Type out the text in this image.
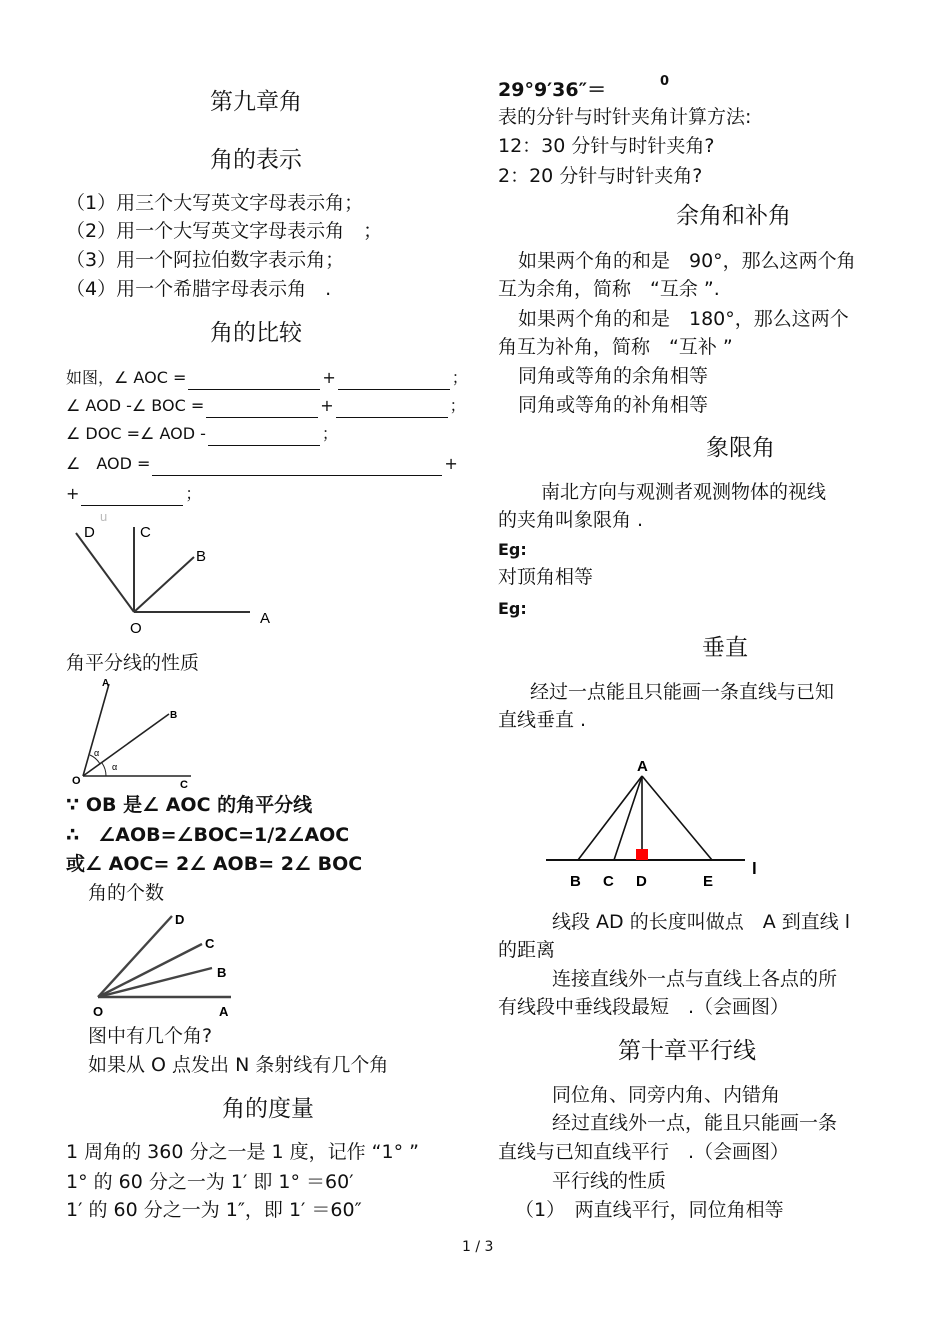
第九章角
角的表示
（1）用三个大写英文字母表示角；
（2）用一个大写英文字母表示角　；
（3）用一个阿拉伯数字表示角；
（4）用一个希腊字母表示角　.
角的比较
如图，∠ AOC =	+	；
∠ AOD -∠ BOC =	+	；
∠ DOC =∠ AOD -	；
∠　AOD =	+
+	；
D	C
B
O
A
u
角平分线的性质
A
B
O	C
α
α
∵ OB 是∠ AOC 的角平分线
∴　∠AOB=∠BOC=1/2∠AOC
或∠ AOC= 2∠ AOB= 2∠ BOC
角的个数
D
C
B
O	A
图中有几个角?
如果从 O 点发出 N 条射线有几个角
角的度量
1 周角的 360 分之一是 1 度，记作 “1° ”
1° 的 60 分之一为 1′ 即 1° ＝60′
1′ 的 60 分之一为 1″，即 1′ ＝60″
29°9′36″＝	0
表的分针与时针夹角计算方法:
12：30 分针与时针夹角?
2：20 分针与时针夹角?
余角和补角
如果两个角的和是　90°，那么这两个角
互为余角，简称　“互余 ”.
如果两个角的和是　180°，那么这两个
角互为补角，简称　“互补 ”
同角或等角的余角相等
同角或等角的补角相等
象限角
南北方向与观测者观测物体的视线
的夹角叫象限角 .
Eg:
对顶角相等
Eg:
垂直
经过一点能且只能画一条直线与已知
直线垂直 .
A
B C D	E
l
线段 AD 的长度叫做点　A 到直线 l
的距离
连接直线外一点与直线上各点的所
有线段中垂线段最短　.（会画图）
第十章平行线
同位角、同旁内角、内错角
经过直线外一点，能且只能画一条
直线与已知直线平行　.（会画图）
平行线的性质
（1）　两直线平行，同位角相等
1 / 3
